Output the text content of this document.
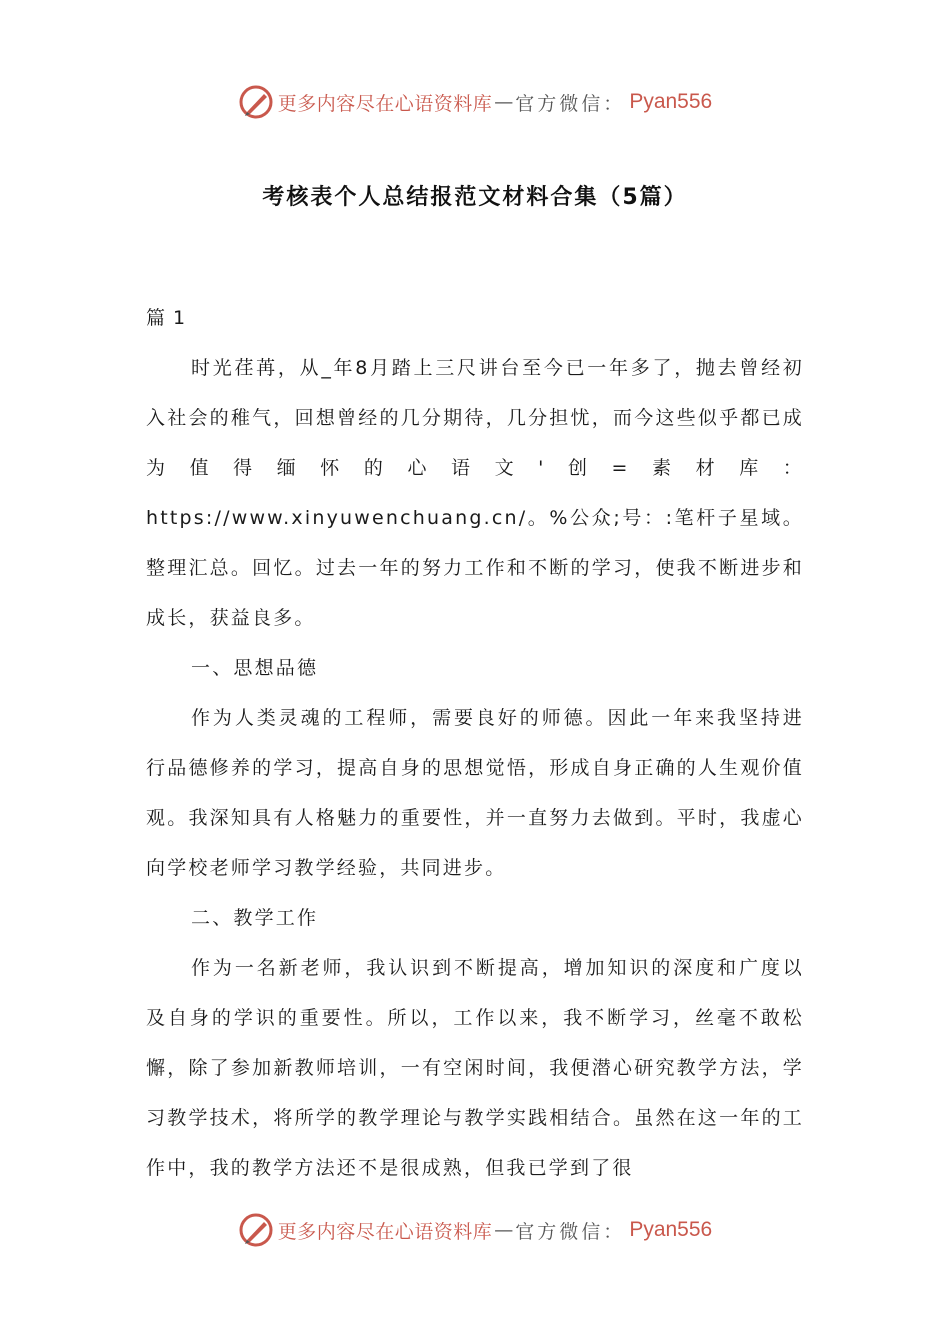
更多内容尽在心语资料库 — 官方微信： Pyan556
考核表个人总结报范文材料合集（5篇）

篇 1

时光荏苒，从_年8月踏上三尺讲台至今已一年多了，抛去曾经初入社会的稚气，回想曾经的几分期待，几分担忧，而今这些似乎都已成为值得缅怀的心语文'创=素材库：https://www.xinyuwenchuang.cn/。%公众;号：:笔杆子星域。整理汇总。回忆。过去一年的努力工作和不断的学习，使我不断进步和成长，获益良多。

一、思想品德

作为人类灵魂的工程师，需要良好的师德。因此一年来我坚持进行品德修养的学习，提高自身的思想觉悟，形成自身正确的人生观价值观。我深知具有人格魅力的重要性，并一直努力去做到。平时，我虚心向学校老师学习教学经验，共同进步。

二、教学工作

作为一名新老师，我认识到不断提高，增加知识的深度和广度以及自身的学识的重要性。所以，工作以来，我不断学习，丝毫不敢松懈，除了参加新教师培训，一有空闲时间，我便潜心研究教学方法，学习教学技术，将所学的教学理论与教学实践相结合。虽然在这一年的工作中，我的教学方法还不是很成熟，但我已学到了很

更多内容尽在心语资料库 — 官方微信： Pyan556
